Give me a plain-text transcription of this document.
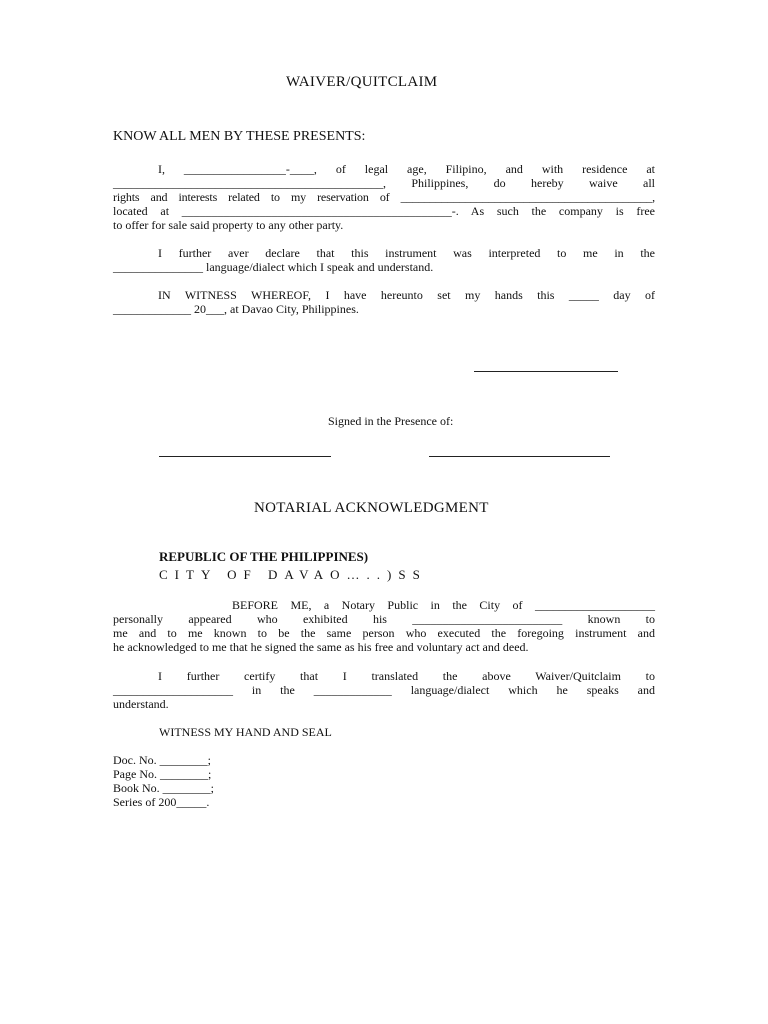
WAIVER/QUITCLAIM
KNOW ALL MEN BY THESE PRESENTS:
I, _________________-____, of legal age, Filipino, and with residence at
_____________________________________________, Philippines, do hereby waive all
rights and interests related to my reservation of ___________________________________________,
located at _____________________________________________-. As such the company is free
to offer for sale said property to any other party.
I further aver declare that this instrument was interpreted to me in the
_______________ language/dialect which I speak and understand.
IN WITNESS WHEREOF, I have hereunto set my hands this _____ day of
_____________ 20___, at Davao City, Philippines.
Signed in the Presence of:
NOTARIAL ACKNOWLEDGMENT
REPUBLIC OF THE PHILIPPINES)
CITY OF DAVAO…..)SS
BEFORE ME, a Notary Public in the City of ____________________
personally appeared who exhibited his _________________________ known to
me and to me known to be the same person who executed the foregoing instrument and
he acknowledged to me that he signed the same as his free and voluntary act and deed.
I further certify that I translated the above Waiver/Quitclaim to
____________________ in the _____________ language/dialect which he speaks and
understand.
WITNESS MY HAND AND SEAL
Doc. No. ________;
Page No. ________;
Book No. ________;
Series of 200_____.
